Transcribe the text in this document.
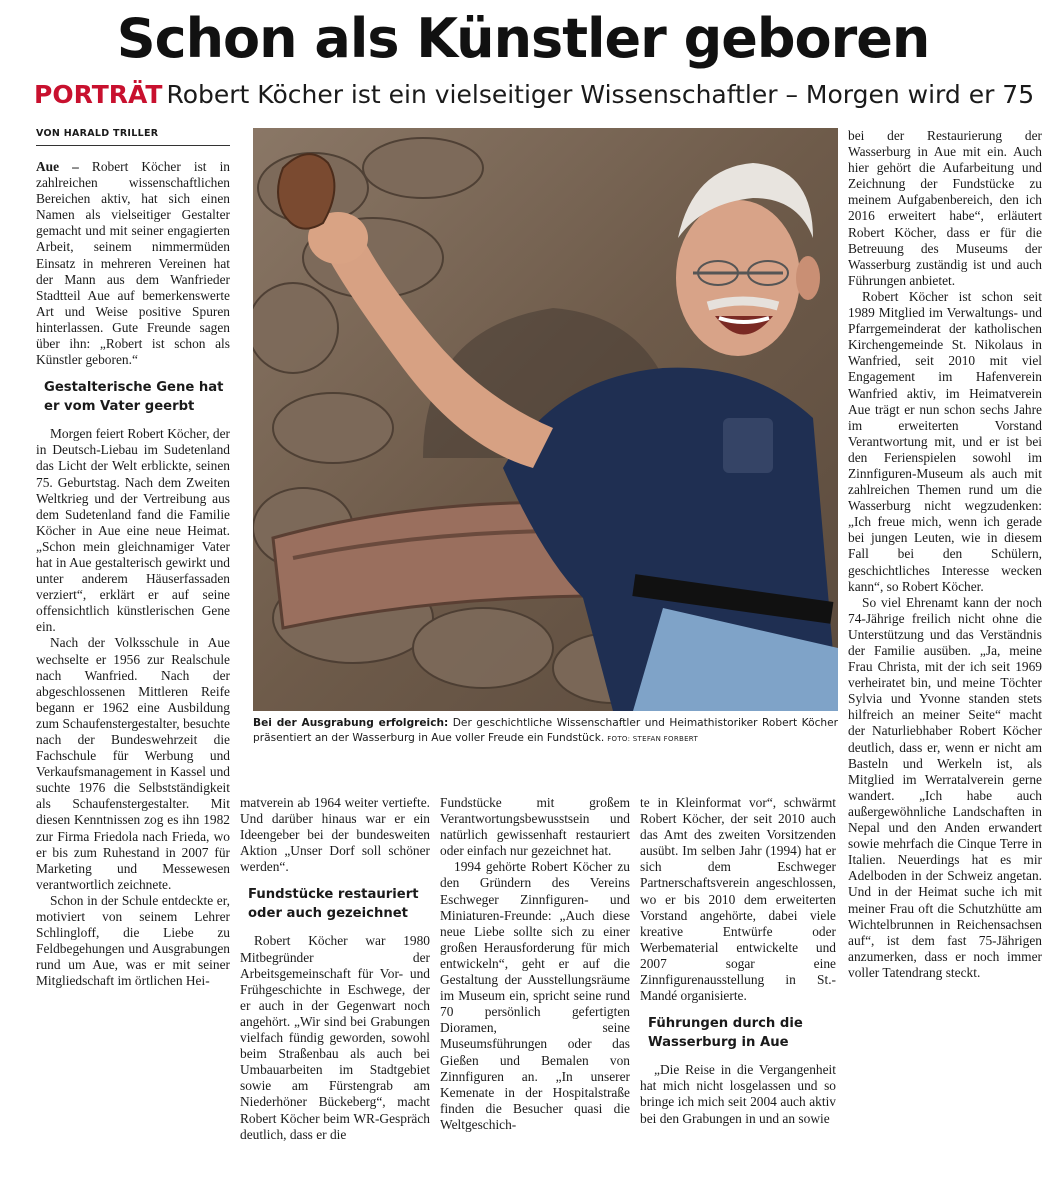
Schon als Künstler geboren
PORTRÄT Robert Köcher ist ein vielseitiger Wissenschaftler – Morgen wird er 75
VON HARALD TRILLER

Aue – Robert Köcher ist in zahlreichen wissenschaftlichen Bereichen aktiv, hat sich einen Namen als vielseitiger Gestalter gemacht und mit seiner engagierten Arbeit, seinem nimmermüden Einsatz in mehreren Vereinen hat der Mann aus dem Wanfrieder Stadtteil Aue auf bemerkenswerte Art und Weise positive Spuren hinterlassen. Gute Freunde sagen über ihn: „Robert ist schon als Künstler geboren.“

Gestalterische Gene hat er vom Vater geerbt

Morgen feiert Robert Köcher, der in Deutsch-Liebau im Sudetenland das Licht der Welt erblickte, seinen 75. Geburtstag. Nach dem Zweiten Weltkrieg und der Vertreibung aus dem Sudetenland fand die Familie Köcher in Aue eine neue Heimat. „Schon mein gleichnamiger Vater hat in Aue gestalterisch gewirkt und unter anderem Häuserfassaden verziert“, erklärt er auf seine offensichtlich künstlerischen Gene ein.

Nach der Volksschule in Aue wechselte er 1956 zur Realschule nach Wanfried. Nach der abgeschlossenen Mittleren Reife begann er 1962 eine Ausbildung zum Schaufenstergestalter, besuchte nach der Bundeswehrzeit die Fachschule für Werbung und Verkaufsmanagement in Kassel und suchte 1976 die Selbstständigkeit als Schaufenstergestalter. Mit diesen Kenntnissen zog es ihn 1982 zur Firma Friedola nach Frieda, wo er bis zum Ruhestand in 2007 für Marketing und Messewesen verantwortlich zeichnete.

Schon in der Schule entdeckte er, motiviert von seinem Lehrer Schlingloff, die Liebe zu Feldbegehungen und Ausgrabungen rund um Aue, was er mit seiner Mitgliedschaft im örtlichen Hei-

Bei der Ausgrabung erfolgreich: Der geschichtliche Wissenschaftler und Heimathistoriker Robert Köcher präsentiert an der Wasserburg in Aue voller Freude ein Fundstück. FOTO: STEFAN FORBERT

matverein ab 1964 weiter vertiefte. Und darüber hinaus war er ein Ideengeber bei der bundesweiten Aktion „Unser Dorf soll schöner werden“.

Fundstücke restauriert oder auch gezeichnet

Robert Köcher war 1980 Mitbegründer der Arbeitsgemeinschaft für Vor- und Frühgeschichte in Eschwege, der er auch in der Gegenwart noch angehört. „Wir sind bei Grabungen vielfach fündig geworden, sowohl beim Straßenbau als auch bei Umbauarbeiten im Stadtgebiet sowie am Fürstengrab am Niederhöner Bückeberg“, macht Robert Köcher beim WR-Gespräch deutlich, dass er die

Fundstücke mit großem Verantwortungsbewusstsein und natürlich gewissenhaft restauriert oder einfach nur gezeichnet hat.

1994 gehörte Robert Köcher zu den Gründern des Vereins Eschweger Zinnfiguren- und Miniaturen-Freunde: „Auch diese neue Liebe sollte sich zu einer großen Herausforderung für mich entwickeln“, geht er auf die Gestaltung der Ausstellungsräume im Museum ein, spricht seine rund 70 persönlich gefertigten Dioramen, seine Museumsführungen oder das Gießen und Bemalen von Zinnfiguren an. „In unserer Kemenate in der Hospitalstraße finden die Besucher quasi die Weltgeschich-

te in Kleinformat vor“, schwärmt Robert Köcher, der seit 2010 auch das Amt des zweiten Vorsitzenden ausübt. Im selben Jahr (1994) hat er sich dem Eschweger Partnerschaftsverein angeschlossen, wo er bis 2010 dem erweiterten Vorstand angehörte, dabei viele kreative Entwürfe oder Werbematerial entwickelte und 2007 sogar eine Zinnfigurenausstellung in St.- Mandé organisierte.

Führungen durch die Wasserburg in Aue

„Die Reise in die Vergangenheit hat mich nicht losgelassen und so bringe ich mich seit 2004 auch aktiv bei den Grabungen in und an sowie

bei der Restaurierung der Wasserburg in Aue mit ein. Auch hier gehört die Aufarbeitung und Zeichnung der Fundstücke zu meinem Aufgabenbereich, den ich 2016 erweitert habe“, erläutert Robert Köcher, dass er für die Betreuung des Museums der Wasserburg zuständig ist und auch Führungen anbietet.

Robert Köcher ist schon seit 1989 Mitglied im Verwaltungs- und Pfarrgemeinderat der katholischen Kirchengemeinde St. Nikolaus in Wanfried, seit 2010 mit viel Engagement im Hafenverein Wanfried aktiv, im Heimatverein Aue trägt er nun schon sechs Jahre im erweiterten Vorstand Verantwortung mit, und er ist bei den Ferienspielen sowohl im Zinnfiguren-Museum als auch mit zahlreichen Themen rund um die Wasserburg nicht wegzudenken: „Ich freue mich, wenn ich gerade bei jungen Leuten, wie in diesem Fall bei den Schülern, geschichtliches Interesse wecken kann“, so Robert Köcher.

So viel Ehrenamt kann der noch 74-Jährige freilich nicht ohne die Unterstützung und das Verständnis der Familie ausüben. „Ja, meine Frau Christa, mit der ich seit 1969 verheiratet bin, und meine Töchter Sylvia und Yvonne standen stets hilfreich an meiner Seite“ macht der Naturliebhaber Robert Köcher deutlich, dass er, wenn er nicht am Basteln und Werkeln ist, als Mitglied im Werratalverein gerne wandert. „Ich habe auch außergewöhnliche Landschaften in Nepal und den Anden erwandert sowie mehrfach die Cinque Terre in Italien. Neuerdings hat es mir Adelboden in der Schweiz angetan. Und in der Heimat suche ich mit meiner Frau oft die Schutzhütte am Wichtelbrunnen in Reichensachsen auf“, ist dem fast 75-Jährigen anzumerken, dass er noch immer voller Tatendrang steckt.
